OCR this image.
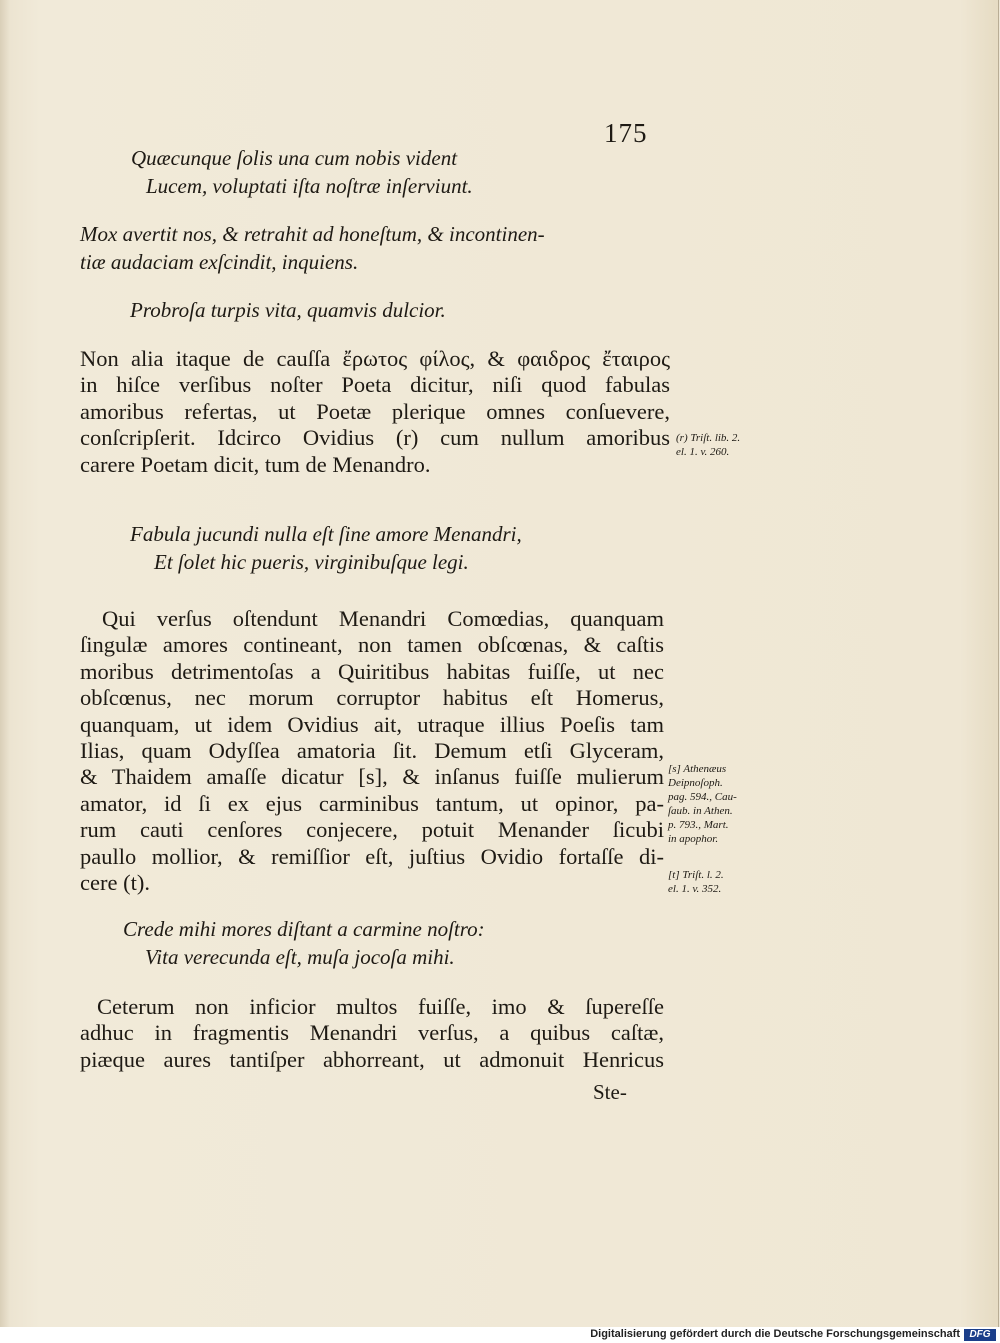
175
Quæcunque ſolis una cum nobis vident
Lucem, voluptati iſta noſtræ inſerviunt.
Mox avertit nos, & retrahit ad honeſtum, & incontinen-
tiæ audaciam exſcindit, inquiens.
Probroſa turpis vita, quamvis dulcior.
Non alia itaque de cauſſa ἔρωτος φίλος, & φαιδρος ἔταιρος
in hiſce verſibus noſter Poeta dicitur, niſi quod fabulas
amoribus refertas, ut Poetæ plerique omnes conſuevere,
conſcripſerit. Idcirco Ovidius (r) cum nullum amoribus
carere Poetam dicit, tum de Menandro.
(r) Triſt. lib. 2.
el. 1. v. 260.
Fabula jucundi nulla eſt ſine amore Menandri,
Et ſolet hic pueris, virginibuſque legi.
Qui verſus oſtendunt Menandri Comœdias, quanquam
ſingulæ amores contineant, non tamen obſcœnas, & caſtis
moribus detrimentoſas a Quiritibus habitas fuiſſe, ut nec
obſcœnus, nec morum corruptor habitus eſt Homerus,
quanquam, ut idem Ovidius ait, utraque illius Poeſis tam
Ilias, quam Odyſſea amatoria ſit. Demum etſi Glyceram,
& Thaidem amaſſe dicatur [s], & inſanus fuiſſe mulierum
amator, id ſi ex ejus carminibus tantum, ut opinor, pa-
rum cauti cenſores conjecere, potuit Menander ſicubi
paullo mollior, & remiſſior eſt, juſtius Ovidio fortaſſe di-
cere (t).
[s] Athenæus
Deipnoſoph.
pag. 594., Cau-
ſaub. in Athen.
p. 793., Mart.
in apophor.
[t] Triſt. l. 2.
el. 1. v. 352.
Crede mihi mores diſtant a carmine noſtro:
Vita verecunda eſt, muſa jocoſa mihi.
Ceterum non inficior multos fuiſſe, imo & ſupereſſe
adhuc in fragmentis Menandri verſus, a quibus caſtæ,
piæque aures tantiſper abhorreant, ut admonuit Henricus
Ste-
Digitalisierung gefördert durch die Deutsche Forschungsgemeinschaft DFG
